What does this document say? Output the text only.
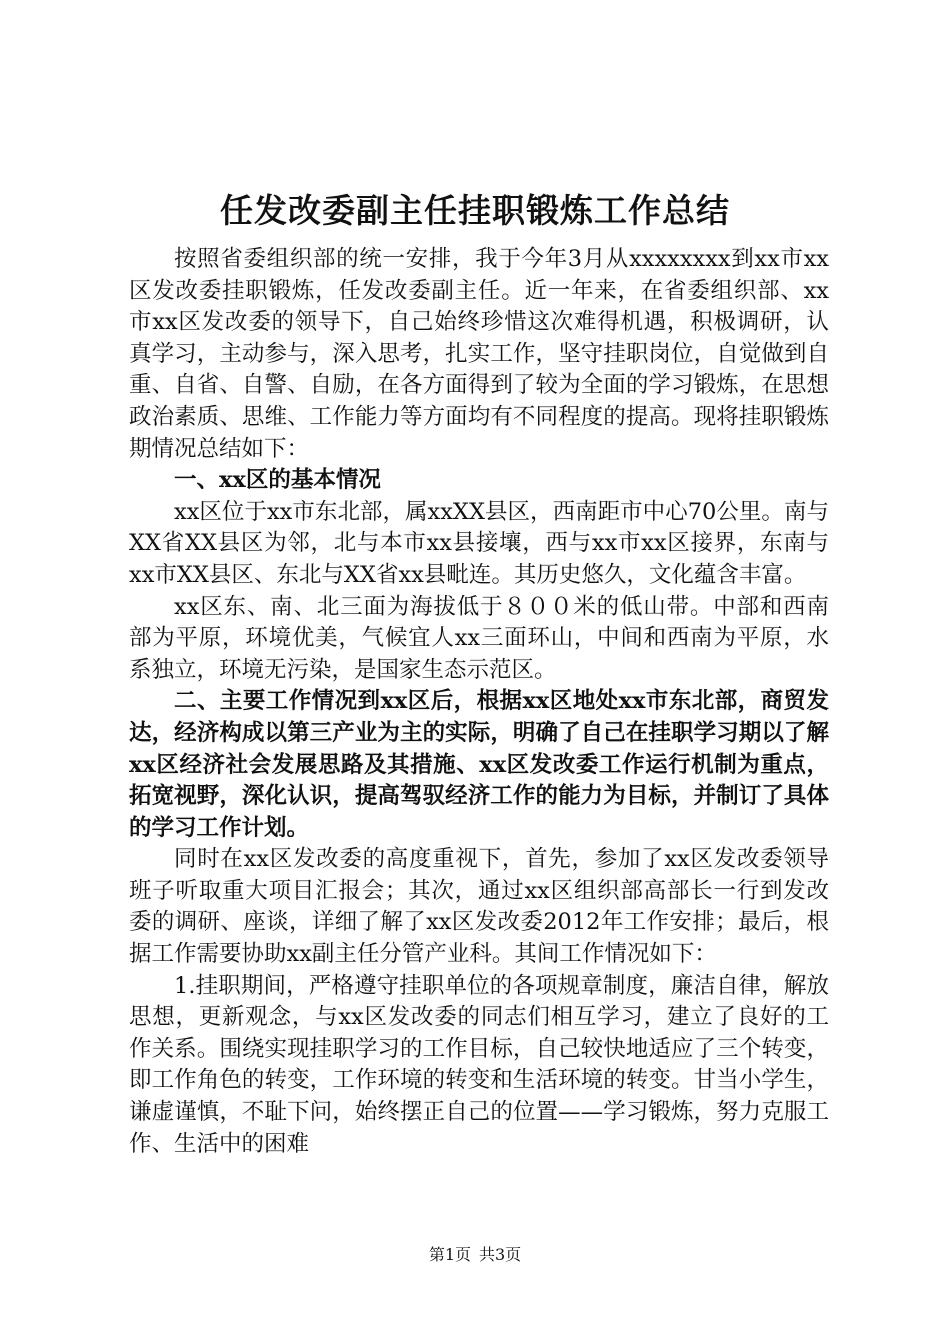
任发改委副主任挂职锻炼工作总结

按照省委组织部的统一安排，我于今年3月从xxxxxxxx到xx市xx区发改委挂职锻炼，任发改委副主任。近一年来，在省委组织部、xx市xx区发改委的领导下，自己始终珍惜这次难得机遇，积极调研，认真学习，主动参与，深入思考，扎实工作，坚守挂职岗位，自觉做到自重、自省、自警、自励，在各方面得到了较为全面的学习锻炼，在思想政治素质、思维、工作能力等方面均有不同程度的提高。现将挂职锻炼期情况总结如下：

一、xx区的基本情况

xx区位于xx市东北部，属xxXX县区，西南距市中心70公里。南与XX省XX县区为邻，北与本市xx县接壤，西与xx市xx区接界，东南与xx市XX县区、东北与XX省xx县毗连。其历史悠久，文化蕴含丰富。

xx区东、南、北三面为海拔低于８００米的低山带。中部和西南部为平原，环境优美，气候宜人xx三面环山，中间和西南为平原，水系独立，环境无污染，是国家生态示范区。

二、主要工作情况到xx区后，根据xx区地处xx市东北部，商贸发达，经济构成以第三产业为主的实际，明确了自己在挂职学习期以了解xx区经济社会发展思路及其措施、xx区发改委工作运行机制为重点，拓宽视野，深化认识，提高驾驭经济工作的能力为目标，并制订了具体的学习工作计划。

同时在xx区发改委的高度重视下，首先，参加了xx区发改委领导班子听取重大项目汇报会；其次，通过xx区组织部高部长一行到发改委的调研、座谈，详细了解了xx区发改委2012年工作安排；最后，根据工作需要协助xx副主任分管产业科。其间工作情况如下：

1.挂职期间，严格遵守挂职单位的各项规章制度，廉洁自律，解放思想，更新观念，与xx区发改委的同志们相互学习，建立了良好的工作关系。围绕实现挂职学习的工作目标，自己较快地适应了三个转变，即工作角色的转变，工作环境的转变和生活环境的转变。甘当小学生，谦虚谨慎，不耻下问，始终摆正自己的位置——学习锻炼，努力克服工作、生活中的困难

第1页 共3页
